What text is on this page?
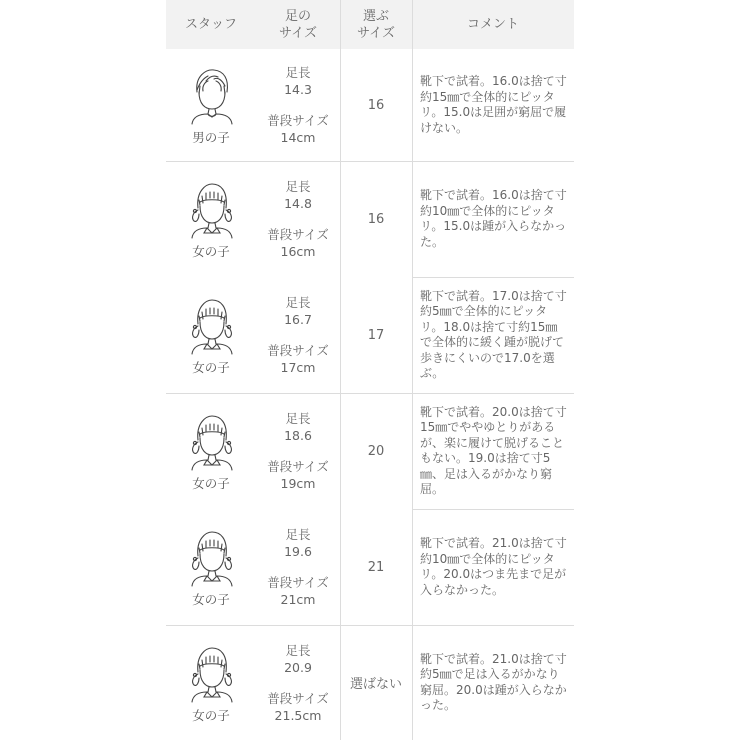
スタッフ
足の
サイズ
選ぶ
サイズ
コメント
男の子
足長
14.3
普段サイズ
14cm
16
靴下で試着。16.0は捨て寸約15㎜で全体的にピッタリ。15.0は足囲が窮屈で履けない。
女の子
足長
14.8
普段サイズ
16cm
16
靴下で試着。16.0は捨て寸約10㎜で全体的にピッタリ。15.0は踵が入らなかった。
女の子
足長
16.7
普段サイズ
17cm
17
靴下で試着。17.0は捨て寸約5㎜で全体的にピッタリ。18.0は捨て寸約15㎜で全体的に緩く踵が脱げて歩きにくいので17.0を選ぶ。
女の子
足長
18.6
普段サイズ
19cm
20
靴下で試着。20.0は捨て寸15㎜でややゆとりがあるが、楽に履けて脱げることもない。19.0は捨て寸5㎜、足は入るがかなり窮屈。
女の子
足長
19.6
普段サイズ
21cm
21
靴下で試着。21.0は捨て寸約10㎜で全体的にピッタリ。20.0はつま先まで足が入らなかった。
女の子
足長
20.9
普段サイズ
21.5cm
選ばない
靴下で試着。21.0は捨て寸約5㎜で足は入るがかなり窮屈。20.0は踵が入らなかった。
